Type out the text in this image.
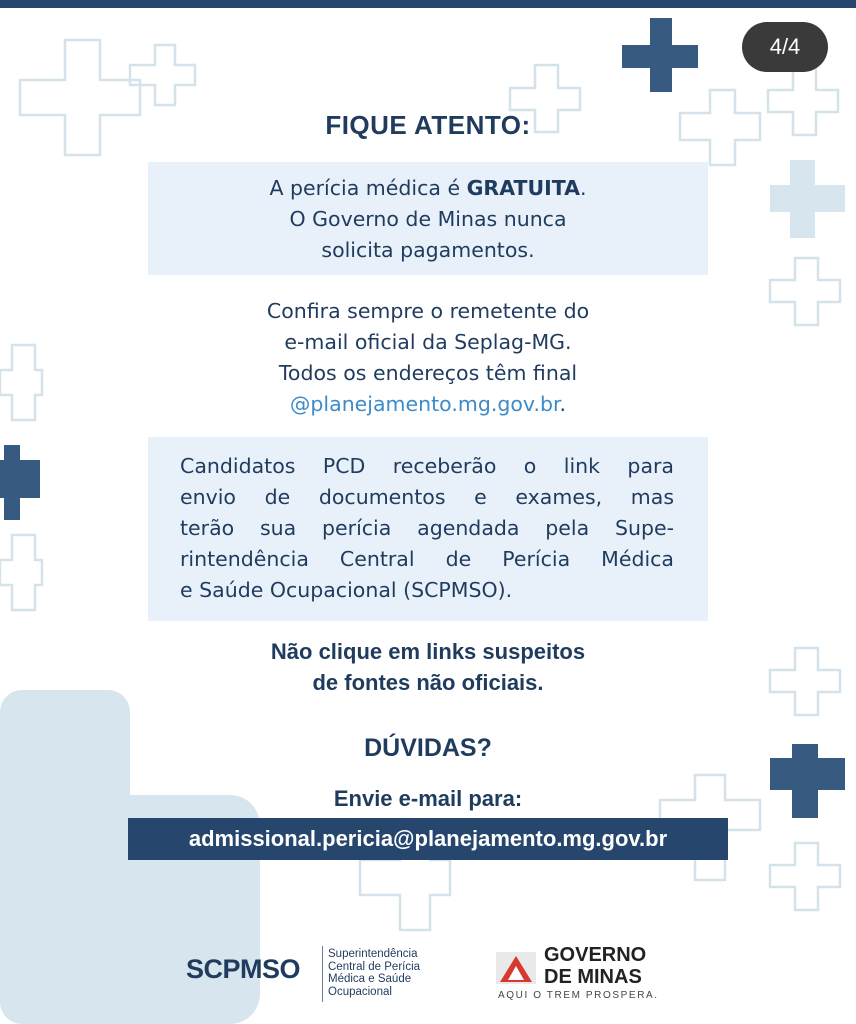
4/4
FIQUE ATENTO:
A perícia médica é GRATUITA.
O Governo de Minas nunca
solicita pagamentos.
Confira sempre o remetente do
e-mail oficial da Seplag-MG.
Todos os endereços têm final
@planejamento.mg.gov.br.
Candidatos PCD receberão o link para
envio de documentos e exames, mas
terão sua perícia agendada pela Supe-
rintendência Central de Perícia Médica
e Saúde Ocupacional (SCPMSO).
Não clique em links suspeitos
de fontes não oficiais.
DÚVIDAS?
Envie e-mail para:
admissional.pericia@planejamento.mg.gov.br
SCPMSO Superintendência
Central de Perícia
Médica e Saúde
Ocupacional
GOVERNO
DE MINAS
AQUI O TREM PROSPERA.
